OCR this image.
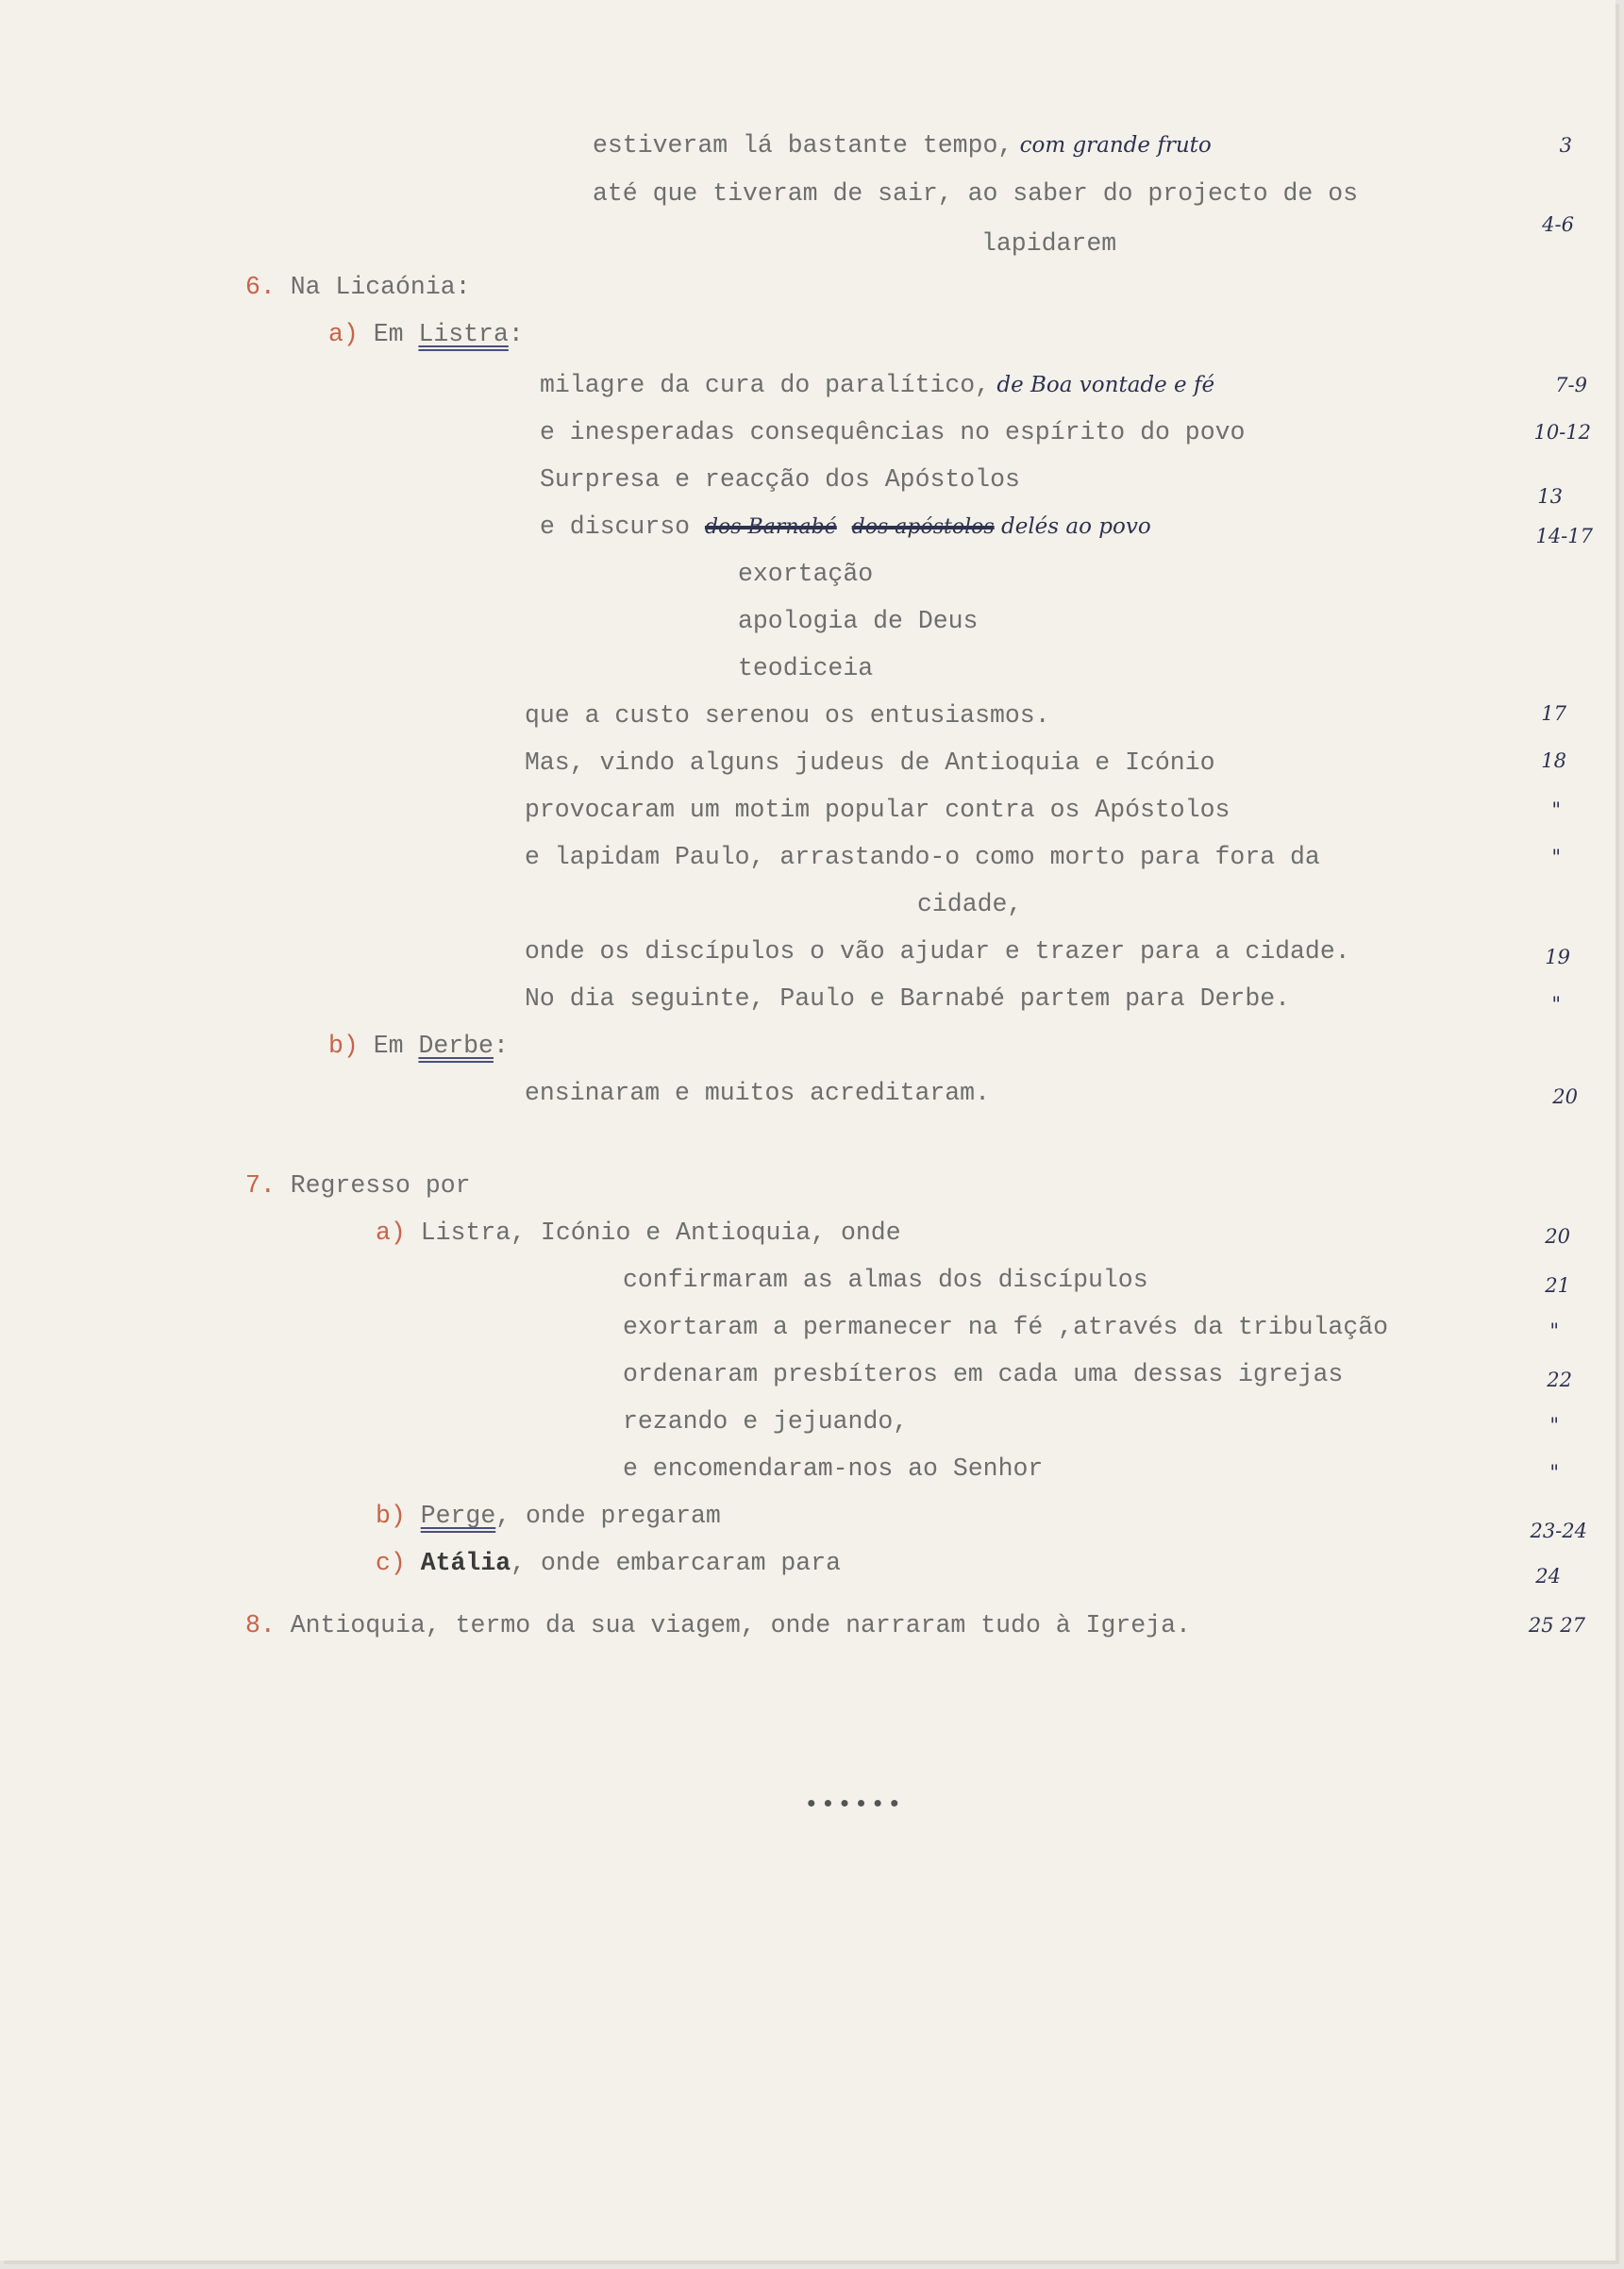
estiveram lá bastante tempo, com grande fruto
até que tiveram de sair, ao saber do projecto de os
lapidarem
6. Na Licaónia:
a) Em Listra:
milagre da cura do paralítico, de Boa vontade e fé
e inesperadas consequências no espírito do povo
Surpresa e reacção dos Apóstolos
e discurso dos Barnabé dos apóstolos delés ao povo
exortação
apologia de Deus
teodiceia
que a custo serenou os entusiasmos.
Mas, vindo alguns judeus de Antioquia e Icónio
provocaram um motim popular contra os Apóstolos
e lapidam Paulo, arrastando-o como morto para fora da
cidade,
onde os discípulos o vão ajudar e trazer para a cidade.
No dia seguinte, Paulo e Barnabé partem para Derbe.
b) Em Derbe:
ensinaram e muitos acreditaram.
7. Regresso por
a) Listra, Icónio e Antioquia, onde
confirmaram as almas dos discípulos
exortaram a permanecer na fé ,através da tribulação
ordenaram presbíteros em cada uma dessas igrejas
rezando e jejuando,
e encomendaram-nos ao Senhor
b) Perge, onde pregaram
c) Atália, onde embarcaram para
8. Antioquia, termo da sua viagem, onde narraram tudo à Igreja.
3
4-6
7-9
10-12
13
14-17
17
18
"
"
19
"
20
20
21
"
22
"
"
23-24
24
25 27
••••••
